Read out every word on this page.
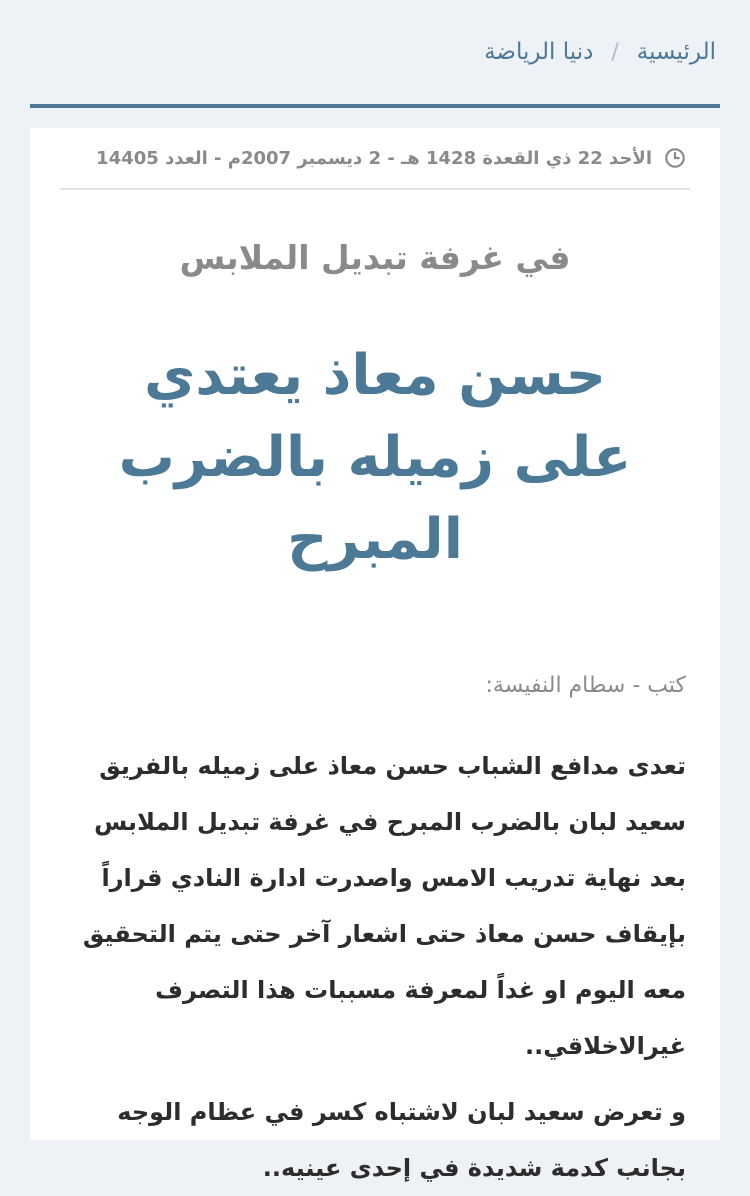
الرئيسية
/
دنيا الرياضة
الأحد 22 ذي القعدة 1428 هـ - 2 ديسمبر 2007م - العدد 14405
في غرفة تبديل الملابس
حسن معاذ يعتدي على زميله بالضرب المبرح
كتب - سطام النفيسة:

تعدى مدافع الشباب حسن معاذ على زميله بالفريق سعيد لبان بالضرب المبرح في غرفة تبديل الملابس بعد نهاية تدريب الامس واصدرت ادارة النادي قراراً بإيقاف حسن معاذ حتى اشعار آخر حتى يتم التحقيق معه اليوم او غداً لمعرفة مسببات هذا التصرف غيرالاخلاقي..

و تعرض سعيد لبان لاشتباه كسر في عظام الوجه بجانب كدمة شديدة في إحدى عينيه..
